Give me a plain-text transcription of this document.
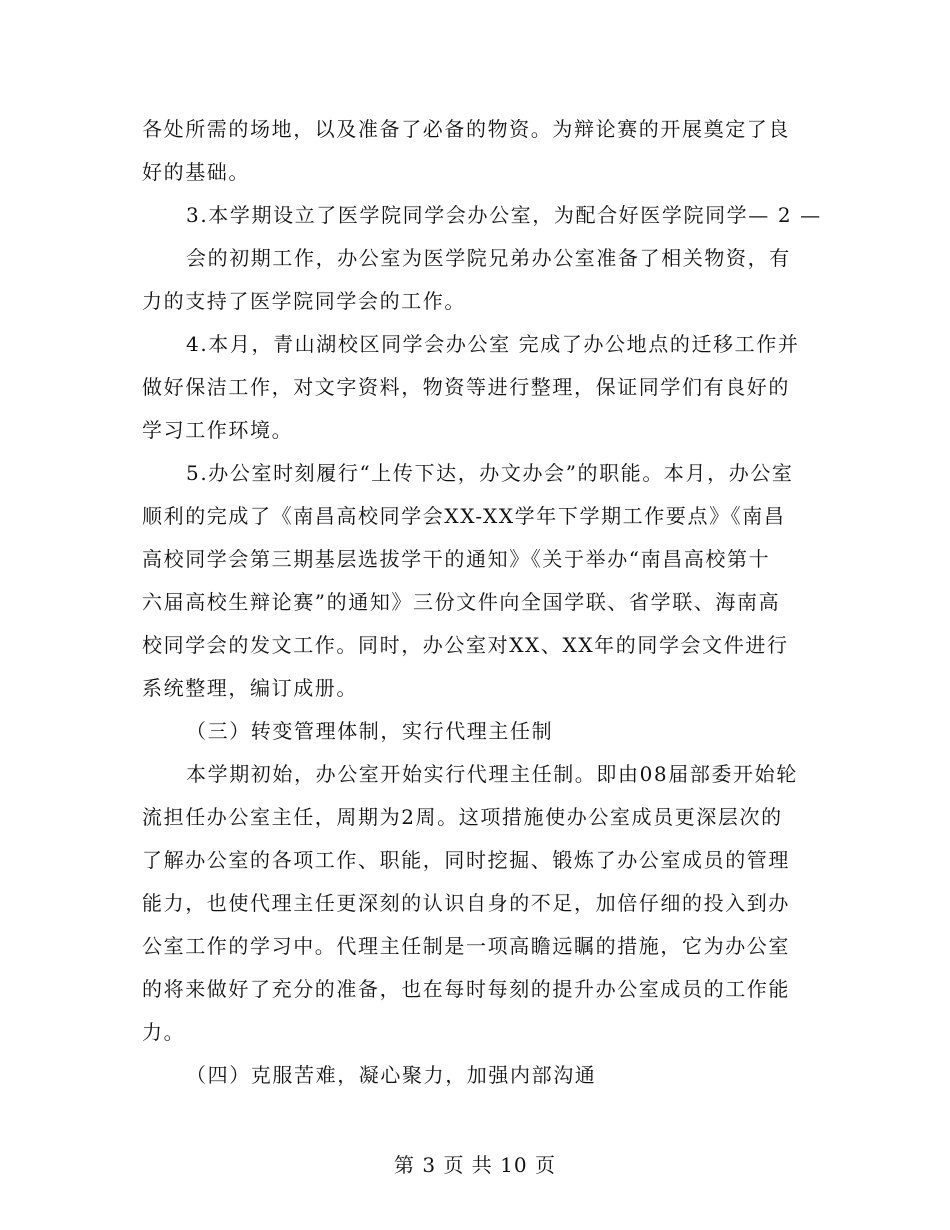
各处所需的场地，以及准备了必备的物资。为辩论赛的开展奠定了良
好的基础。
3.本学期设立了医学院同学会办公室，为配合好医学院同学— 2 —
会的初期工作，办公室为医学院兄弟办公室准备了相关物资，有
力的支持了医学院同学会的工作。
4.本月，青山湖校区同学会办公室 完成了办公地点的迁移工作并
做好保洁工作，对文字资料，物资等进行整理，保证同学们有良好的
学习工作环境。
5.办公室时刻履行“上传下达，办文办会”的职能。本月，办公室
顺利的完成了《南昌高校同学会XX-XX学年下学期工作要点》《南昌
高校同学会第三期基层选拔学干的通知》《关于举办“南昌高校第十
六届高校生辩论赛”的通知》三份文件向全国学联、省学联、海南高
校同学会的发文工作。同时，办公室对XX、XX年的同学会文件进行
系统整理，编订成册。
（三）转变管理体制，实行代理主任制
本学期初始，办公室开始实行代理主任制。即由08届部委开始轮
流担任办公室主任，周期为2周。这项措施使办公室成员更深层次的
了解办公室的各项工作、职能，同时挖掘、锻炼了办公室成员的管理
能力，也使代理主任更深刻的认识自身的不足，加倍仔细的投入到办
公室工作的学习中。代理主任制是一项高瞻远瞩的措施，它为办公室
的将来做好了充分的准备，也在每时每刻的提升办公室成员的工作能
力。
（四）克服苦难，凝心聚力，加强内部沟通
第 3 页 共 10 页
